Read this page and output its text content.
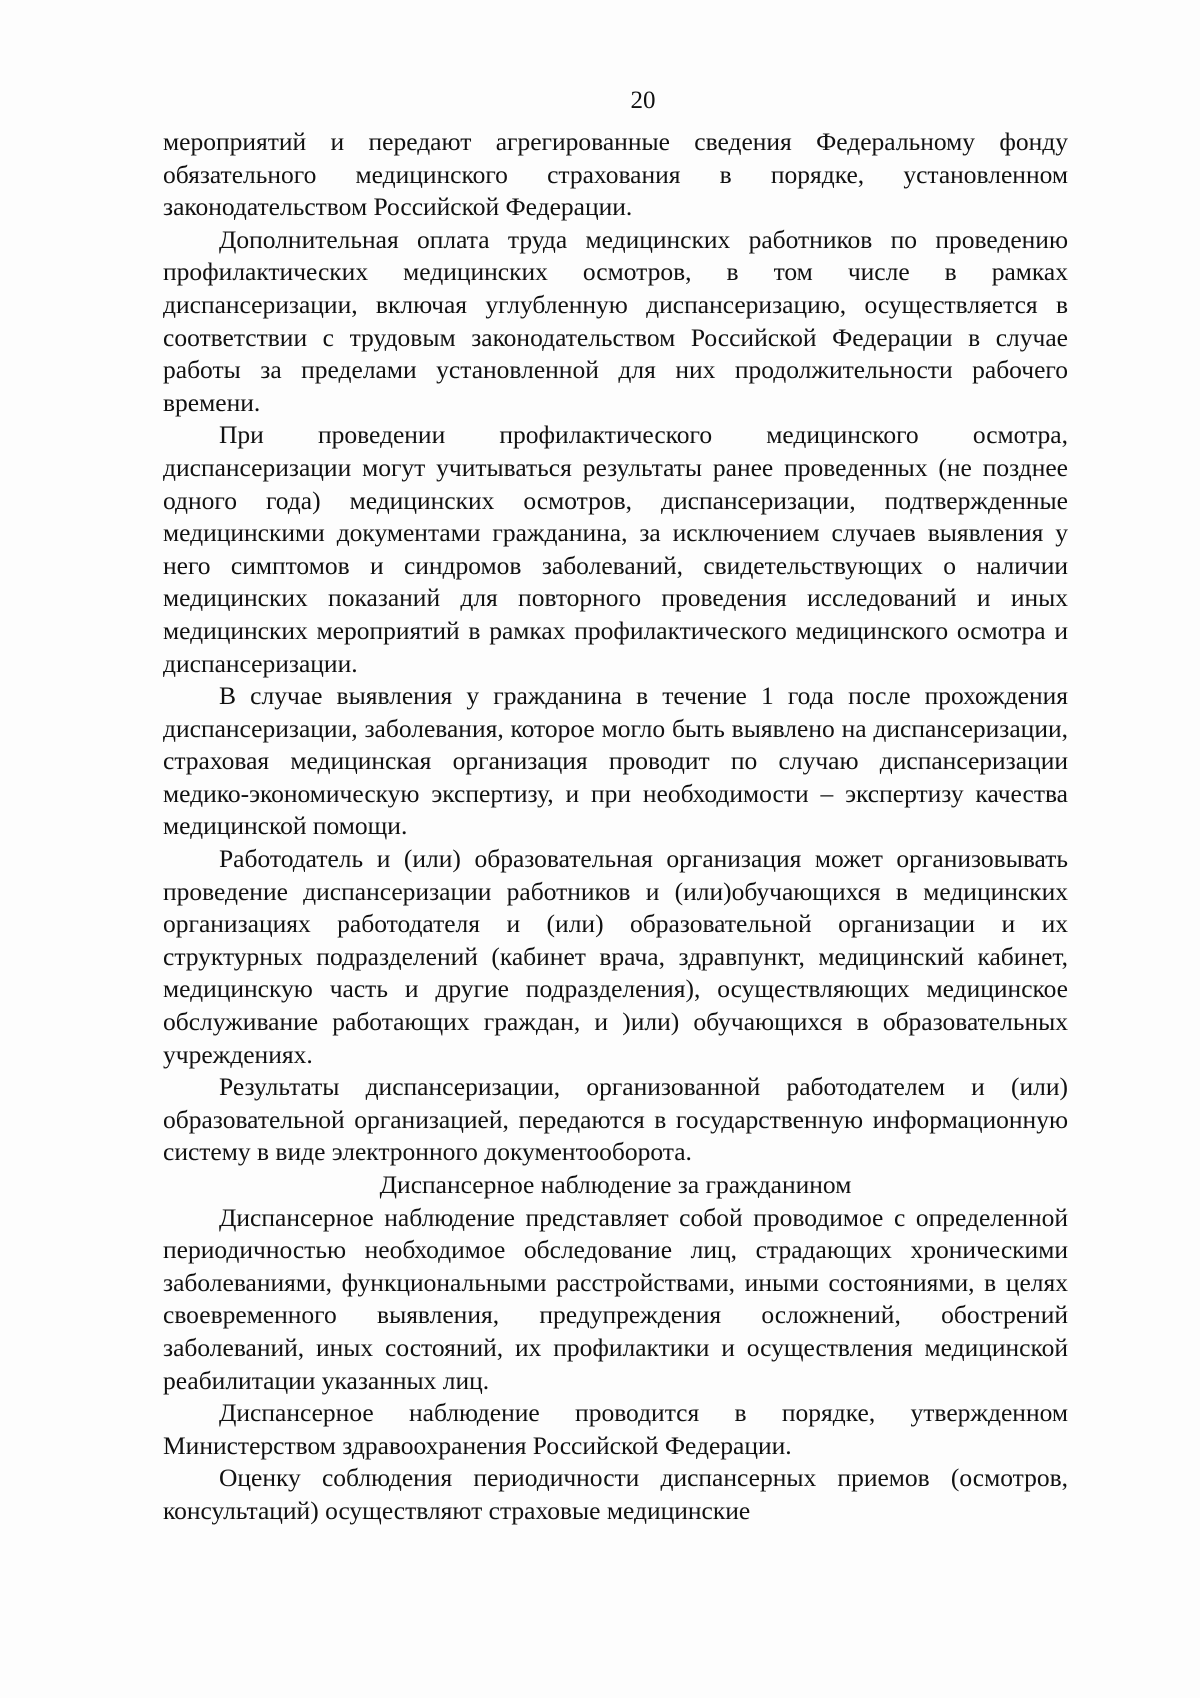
20

мероприятий и передают агрегированные сведения Федеральному фонду обязательного медицинского страхования в порядке, установленном законодательством Российской Федерации.

Дополнительная оплата труда медицинских работников по проведению профилактических медицинских осмотров, в том числе в рамках диспансеризации, включая углубленную диспансеризацию, осуществляется в соответствии с трудовым законодательством Российской Федерации в случае работы за пределами установленной для них продолжительности рабочего времени.

При проведении профилактического медицинского осмотра, диспансеризации могут учитываться результаты ранее проведенных (не позднее одного года) медицинских осмотров, диспансеризации, подтвержденные медицинскими документами гражданина, за исключением случаев выявления у него симптомов и синдромов заболеваний, свидетельствующих о наличии медицинских показаний для повторного проведения исследований и иных медицинских мероприятий в рамках профилактического медицинского осмотра и диспансеризации.

В случае выявления у гражданина в течение 1 года после прохождения диспансеризации, заболевания, которое могло быть выявлено на диспансеризации, страховая медицинская организация проводит по случаю диспансеризации медико-экономическую экспертизу, и при необходимости – экспертизу качества медицинской помощи.

Работодатель и (или) образовательная организация может организовывать проведение диспансеризации работников и (или)обучающихся в медицинских организациях работодателя и (или) образовательной организации и их структурных подразделений (кабинет врача, здравпункт, медицинский кабинет, медицинскую часть и другие подразделения), осуществляющих медицинское обслуживание работающих граждан, и )или) обучающихся в образовательных учреждениях.

Результаты диспансеризации, организованной работодателем и (или) образовательной организацией, передаются в государственную информационную систему в виде электронного документооборота.

Диспансерное наблюдение за гражданином

Диспансерное наблюдение представляет собой проводимое с определенной периодичностью необходимое обследование лиц, страдающих хроническими заболеваниями, функциональными расстройствами, иными состояниями, в целях своевременного выявления, предупреждения осложнений, обострений заболеваний, иных состояний, их профилактики и осуществления медицинской реабилитации указанных лиц.

Диспансерное наблюдение проводится в порядке, утвержденном Министерством здравоохранения Российской Федерации.

Оценку соблюдения периодичности диспансерных приемов (осмотров, консультаций) осуществляют страховые медицинские
